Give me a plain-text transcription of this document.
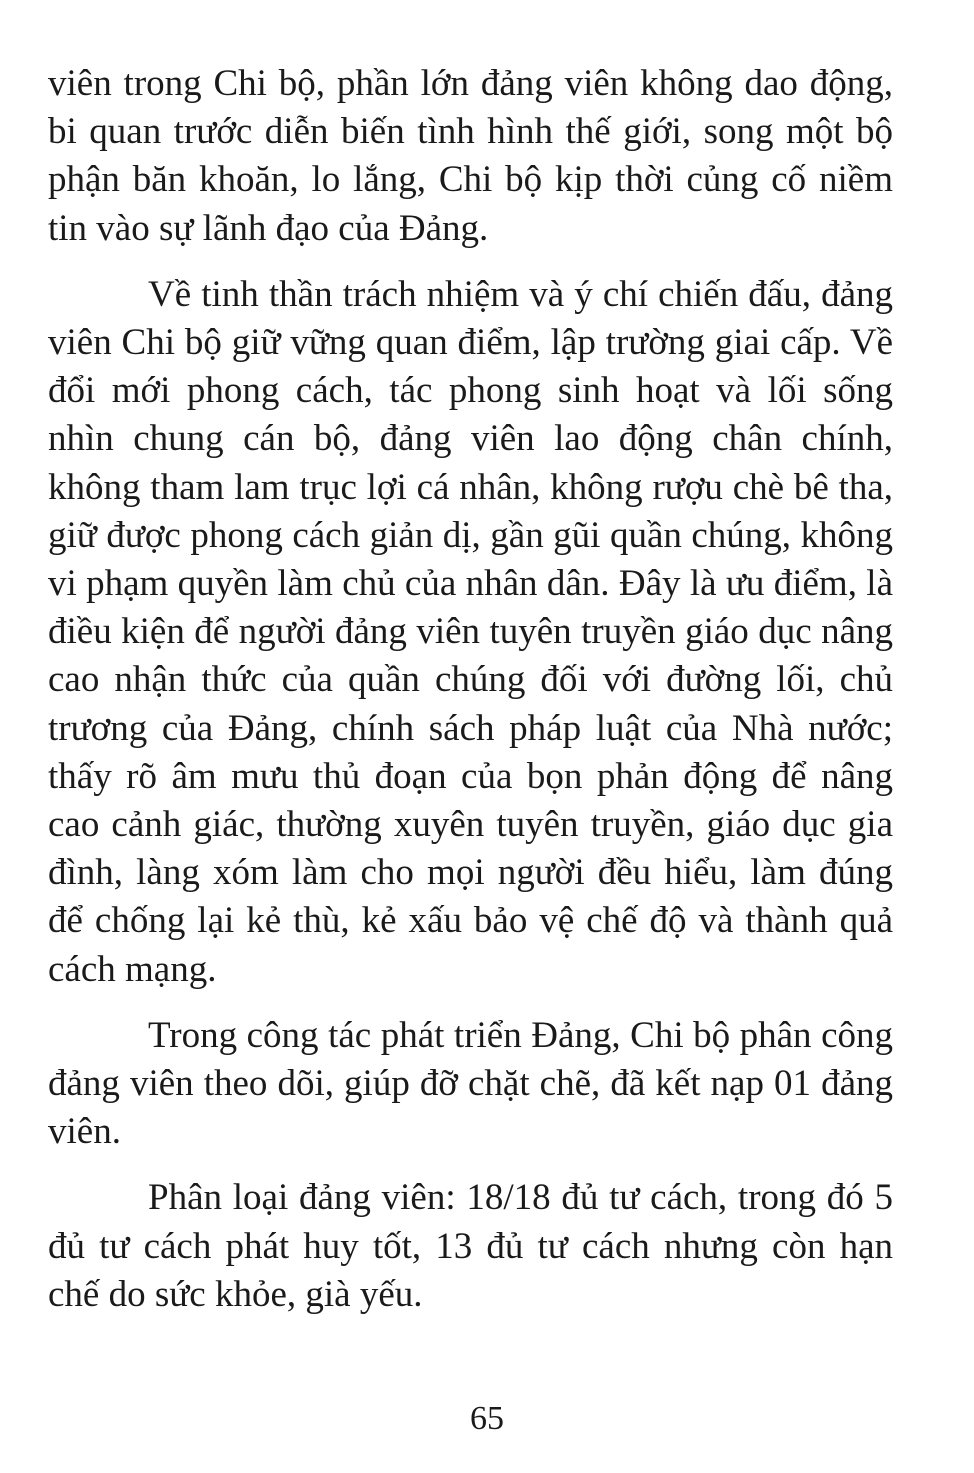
viên trong Chi bộ, phần lớn đảng viên không dao động, bi quan trước diễn biến tình hình thế giới, song một bộ phận băn khoăn, lo lắng, Chi bộ kịp thời củng cố niềm tin vào sự lãnh đạo của Đảng.

Về tinh thần trách nhiệm và ý chí chiến đấu, đảng viên Chi bộ giữ vững quan điểm, lập trường giai cấp. Về đổi mới phong cách, tác phong sinh hoạt và lối sống nhìn chung cán bộ, đảng viên lao động chân chính, không tham lam trục lợi cá nhân, không rượu chè bê tha, giữ được phong cách giản dị, gần gũi quần chúng, không vi phạm quyền làm chủ của nhân dân. Đây là ưu điểm, là điều kiện để người đảng viên tuyên truyền giáo dục nâng cao nhận thức của quần chúng đối với đường lối, chủ trương của Đảng, chính sách pháp luật của Nhà nước; thấy rõ âm mưu thủ đoạn của bọn phản động để nâng cao cảnh giác, thường xuyên tuyên truyền, giáo dục gia đình, làng xóm làm cho mọi người đều hiểu, làm đúng để chống lại kẻ thù, kẻ xấu bảo vệ chế độ và thành quả cách mạng.

Trong công tác phát triển Đảng, Chi bộ phân công đảng viên theo dõi, giúp đỡ chặt chẽ, đã kết nạp 01 đảng viên.

Phân loại đảng viên: 18/18 đủ tư cách, trong đó 5 đủ tư cách phát huy tốt, 13 đủ tư cách nhưng còn hạn chế do sức khỏe, già yếu.

65
